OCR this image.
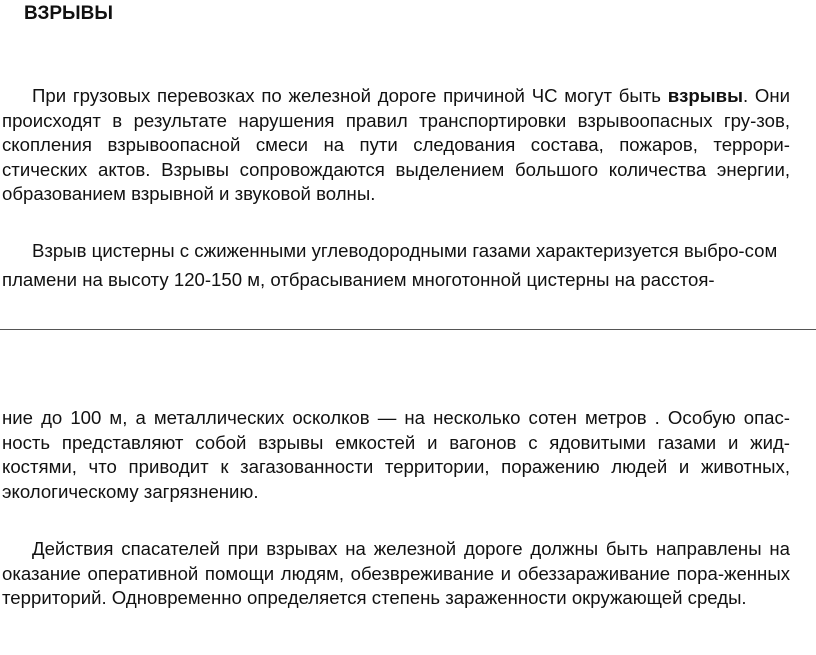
ВЗРЫВЫ

При грузовых перевозках по железной дороге причиной ЧС могут быть взрывы. Они происходят в результате нарушения правил транспортировки взрывоопасных гру-зов, скопления взрывоопасной смеси на пути следования состава, пожаров, террори-стических актов. Взрывы сопровождаются выделением большого количества энергии, образованием взрывной и звуковой волны.

Взрыв цистерны с сжиженными углеводородными газами характеризуется выбро-сом пламени на высоту 120-150 м, отбрасыванием многотонной цистерны на расстоя-

ние до 100 м, а металлических осколков — на несколько сотен метров . Особую опас-ность представляют собой взрывы емкостей и вагонов с ядовитыми газами и жид-костями, что приводит к загазованности территории, поражению людей и животных, экологическому загрязнению.

Действия спасателей при взрывах на железной дороге должны быть направлены на оказание оперативной помощи людям, обезвреживание и обеззараживание пора-женных территорий. Одновременно определяется степень зараженности окружающей среды.
